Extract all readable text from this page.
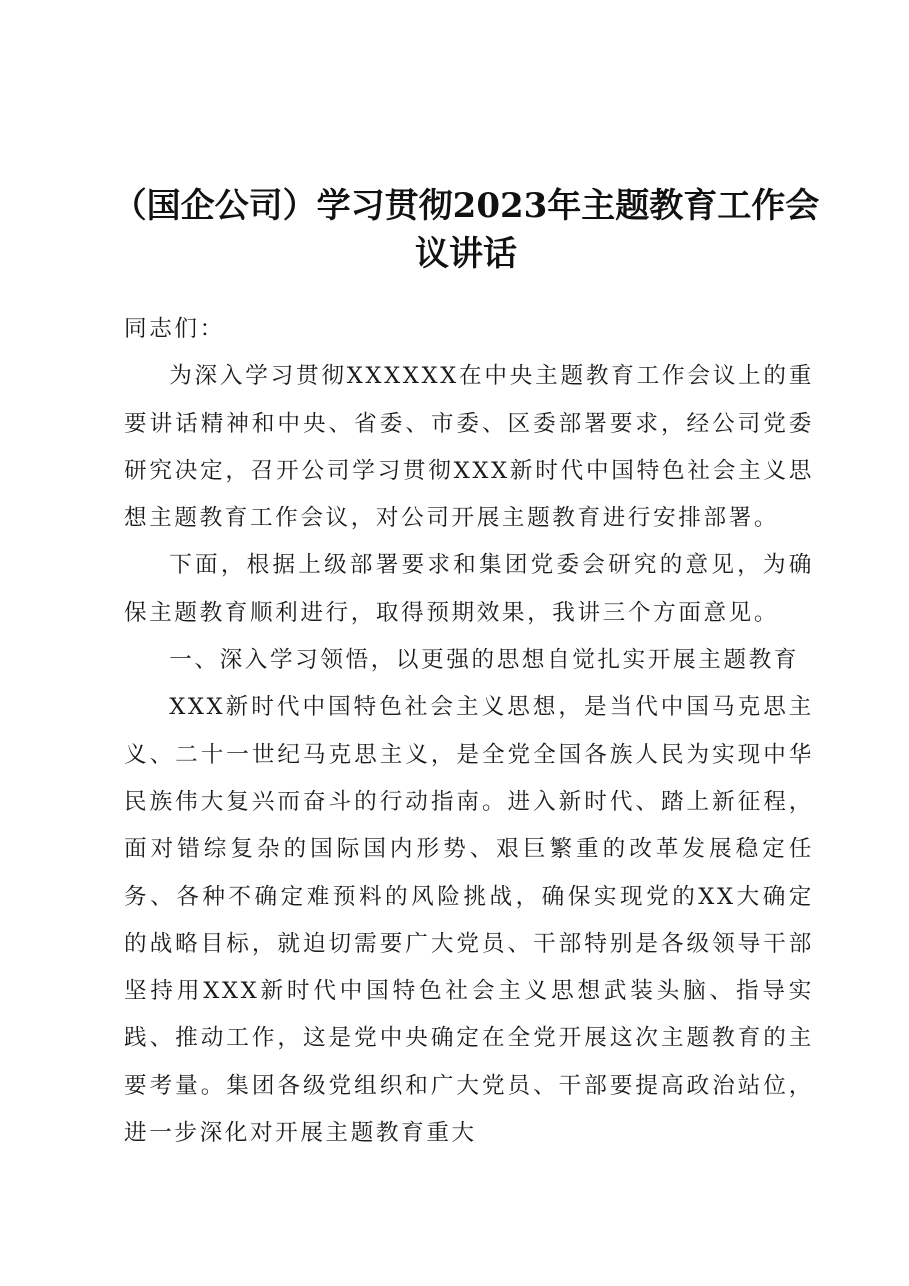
（国企公司）学习贯彻2023年主题教育工作会议讲话

同志们：

为深入学习贯彻XXXXXX在中央主题教育工作会议上的重要讲话精神和中央、省委、市委、区委部署要求，经公司党委研究决定，召开公司学习贯彻XXX新时代中国特色社会主义思想主题教育工作会议，对公司开展主题教育进行安排部署。

下面，根据上级部署要求和集团党委会研究的意见，为确保主题教育顺利进行，取得预期效果，我讲三个方面意见。

一、深入学习领悟，以更强的思想自觉扎实开展主题教育

XXX新时代中国特色社会主义思想，是当代中国马克思主义、二十一世纪马克思主义，是全党全国各族人民为实现中华民族伟大复兴而奋斗的行动指南。进入新时代、踏上新征程，面对错综复杂的国际国内形势、艰巨繁重的改革发展稳定任务、各种不确定难预料的风险挑战，确保实现党的XX大确定的战略目标，就迫切需要广大党员、干部特别是各级领导干部坚持用XXX新时代中国特色社会主义思想武装头脑、指导实践、推动工作，这是党中央确定在全党开展这次主题教育的主要考量。集团各级党组织和广大党员、干部要提高政治站位，进一步深化对开展主题教育重大
